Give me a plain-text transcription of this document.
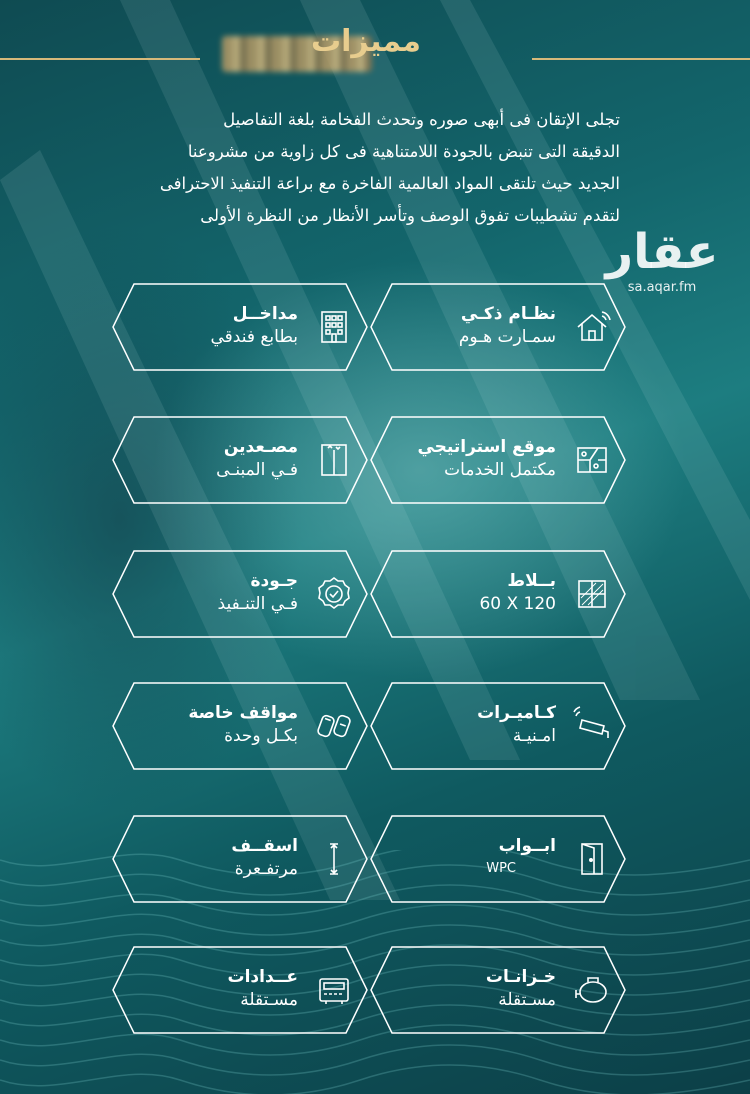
مميزات
تجلى الإتقان فى أبهى صوره وتحدث الفخامة بلغة التفاصيل
الدقيقة التى تنبض بالجودة اللامتناهية فى كل زاوية من مشروعنا
الجديد حيث تلتقى المواد العالمية الفاخرة مع براعة التنفيذ الاحترافى
لتقدم تشطيبات تفوق الوصف وتأسر الأنظار من النظرة الأولى
عقار
sa.aqar.fm
نظـام ذكـي
سمـارت هـوم
مداخــل
بطابع فندقي
موقع استراتيجي
مكتمل الخدمات
مصـعدين
فـي المبنـى
بــلاط
60 X 120
جـودة
فـي التنـفيذ
كـاميـرات
امـنيـة
مواقف خاصة
بكـل وحدة
ابــواب
WPC
اسقــف
مرتفـعرة
خـزانـات
مسـتقلة
عــدادات
مسـتقلة
